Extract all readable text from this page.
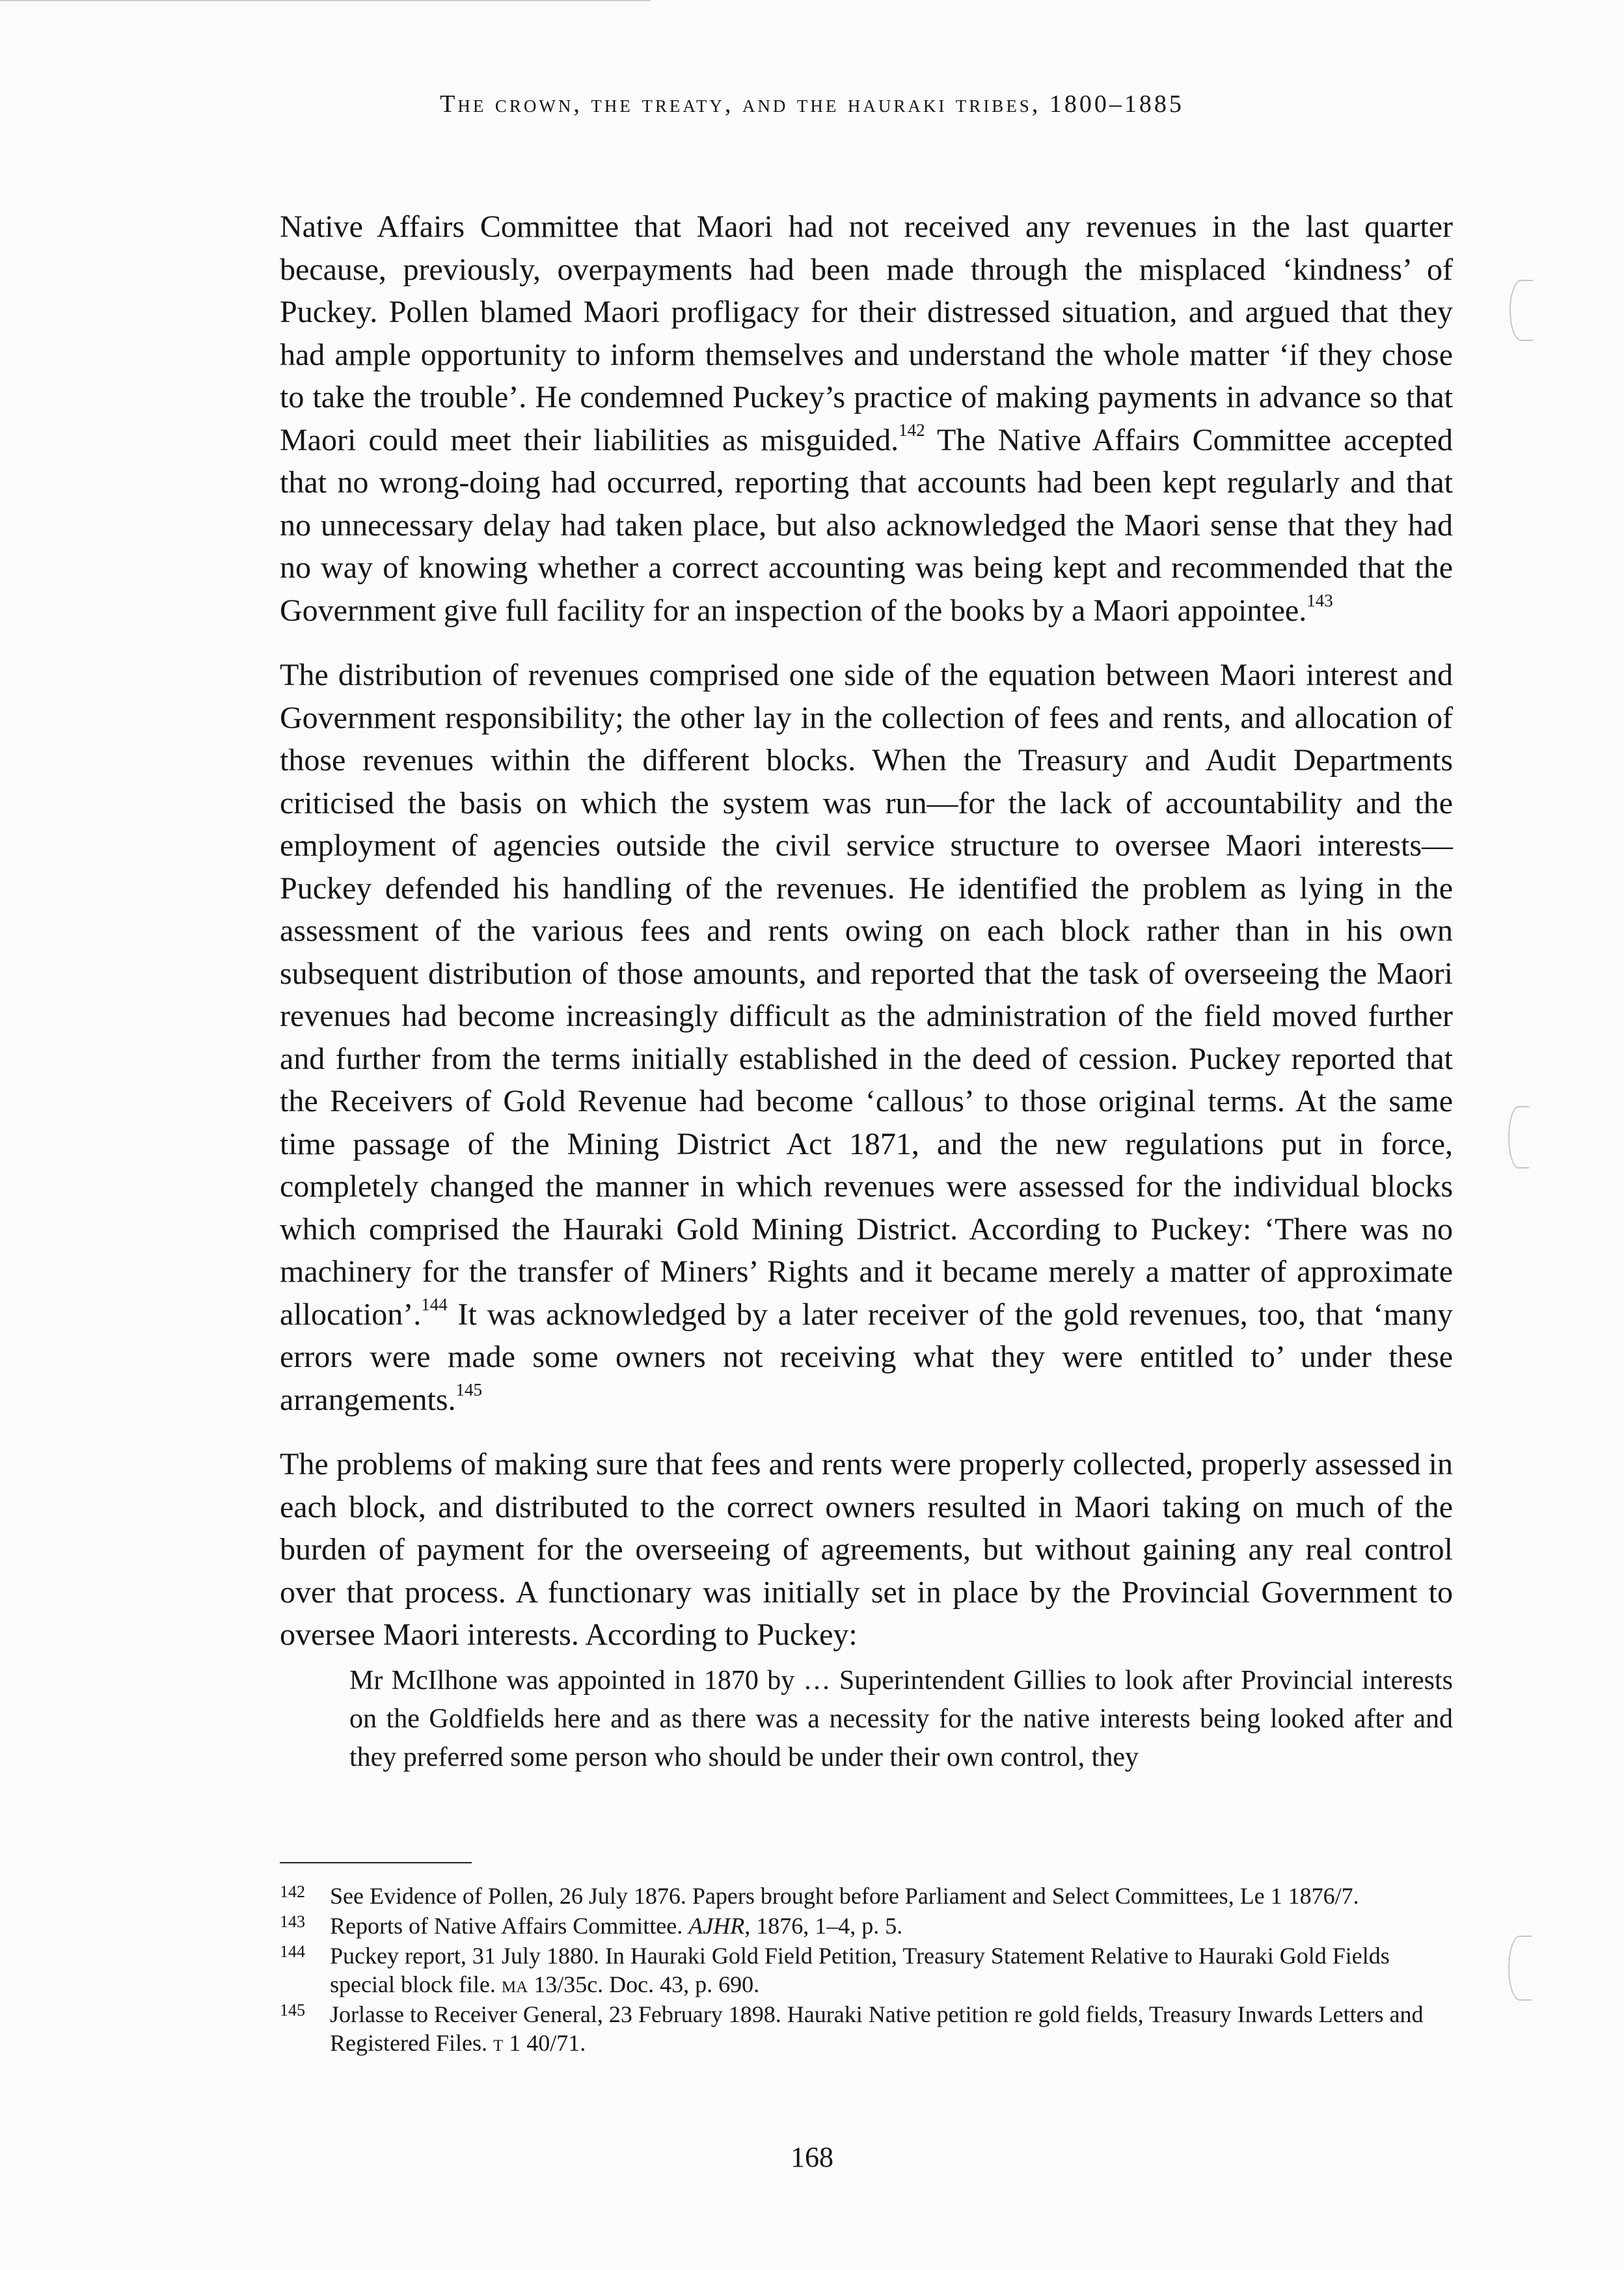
The crown, the treaty, and the hauraki tribes, 1800–1885

Native Affairs Committee that Maori had not received any revenues in the last quarter because, previously, overpayments had been made through the misplaced ‘kindness’ of Puckey. Pollen blamed Maori profligacy for their distressed situation, and argued that they had ample opportunity to inform themselves and understand the whole matter ‘if they chose to take the trouble’. He condemned Puckey’s practice of making payments in advance so that Maori could meet their liabilities as misguided.$^{142}$ The Native Affairs Committee accepted that no wrong-doing had occurred, reporting that accounts had been kept regularly and that no unnecessary delay had taken place, but also acknowledged the Maori sense that they had no way of knowing whether a correct accounting was being kept and recommended that the Government give full facility for an inspection of the books by a Maori appointee.$^{143}$

The distribution of revenues comprised one side of the equation between Maori interest and Government responsibility; the other lay in the collection of fees and rents, and allocation of those revenues within the different blocks. When the Treasury and Audit Departments criticised the basis on which the system was run—for the lack of accountability and the employment of agencies outside the civil service structure to oversee Maori interests—Puckey defended his handling of the revenues. He identified the problem as lying in the assessment of the various fees and rents owing on each block rather than in his own subsequent distribution of those amounts, and reported that the task of overseeing the Maori revenues had become increasingly difficult as the administration of the field moved further and further from the terms initially established in the deed of cession. Puckey reported that the Receivers of Gold Revenue had become ‘callous’ to those original terms. At the same time passage of the Mining District Act 1871, and the new regulations put in force, completely changed the manner in which revenues were assessed for the individual blocks which comprised the Hauraki Gold Mining District. According to Puckey: ‘There was no machinery for the transfer of Miners’ Rights and it became merely a matter of approximate allocation’.$^{144}$ It was acknowledged by a later receiver of the gold revenues, too, that ‘many errors were made some owners not receiving what they were entitled to’ under these arrangements.$^{145}$

The problems of making sure that fees and rents were properly collected, properly assessed in each block, and distributed to the correct owners resulted in Maori taking on much of the burden of payment for the overseeing of agreements, but without gaining any real control over that process. A functionary was initially set in place by the Provincial Government to oversee Maori interests. According to Puckey:

Mr McIlhone was appointed in 1870 by … Superintendent Gillies to look after Provincial interests on the Goldfields here and as there was a necessity for the native interests being looked after and they preferred some person who should be under their own control, they
142	See Evidence of Pollen, 26 July 1876. Papers brought before Parliament and Select Committees, Le 1 1876/7.
143	Reports of Native Affairs Committee. AJHR, 1876, 1–4, p. 5.
144	Puckey report, 31 July 1880. In Hauraki Gold Field Petition, Treasury Statement Relative to Hauraki Gold Fields special block file. ma 13/35c. Doc. 43, p. 690.
145	Jorlasse to Receiver General, 23 February 1898. Hauraki Native petition re gold fields, Treasury Inwards Letters and Registered Files. t 1 40/71.
168
